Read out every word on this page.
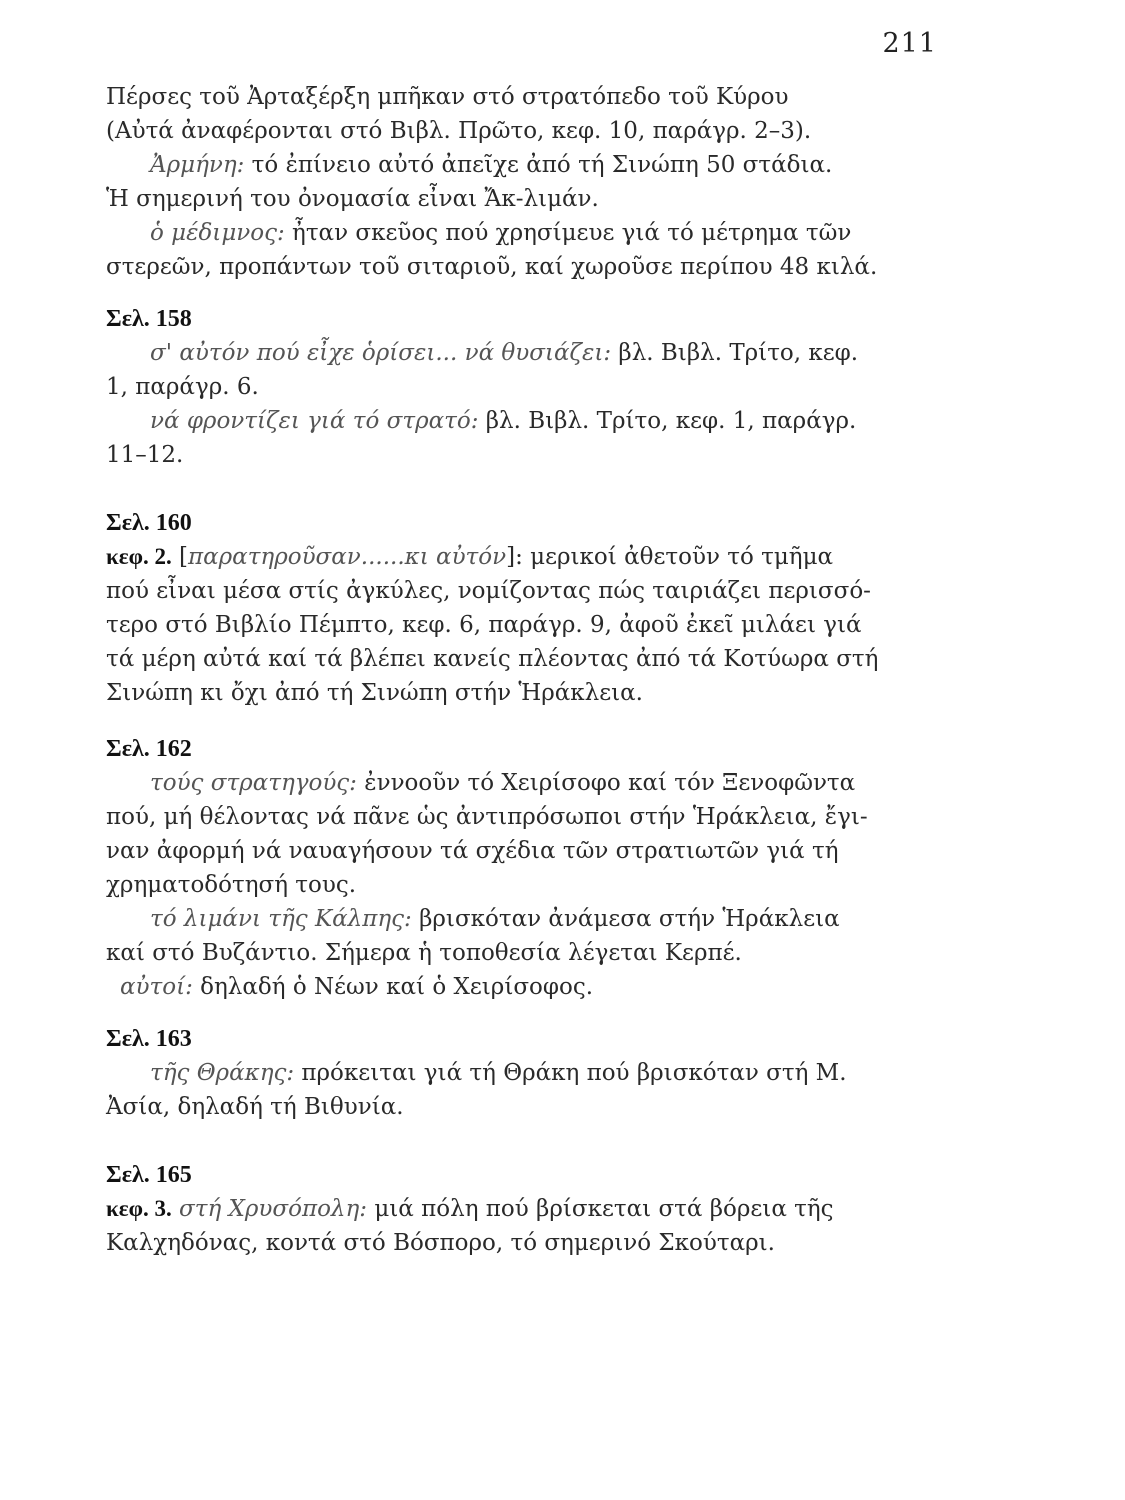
211
Πέρσες τοῦ Ἀρταξέρξη μπῆκαν στό στρατόπεδο τοῦ Κύρου
(Αὐτά ἀναφέρονται στό Βιβλ. Πρῶτο, κεφ. 10, παράγρ. 2–3).
Ἀρμήνη: τό ἐπίνειο αὐτό ἀπεῖχε ἀπό τή Σινώπη 50 στάδια.
Ἡ σημερινή του ὀνομασία εἶναι Ἄκ-λιμάν.
ὁ μέδιμνος: ἦταν σκεῦος πού χρησίμευε γιά τό μέτρημα τῶν
στερεῶν, προπάντων τοῦ σιταριοῦ, καί χωροῦσε περίπου 48 κιλά.
Σελ. 158
σ' αὐτόν πού εἶχε ὁρίσει... νά θυσιάζει: βλ. Βιβλ. Τρίτο, κεφ.
1, παράγρ. 6.
νά φροντίζει γιά τό στρατό: βλ. Βιβλ. Τρίτο, κεφ. 1, παράγρ.
11–12.
Σελ. 160
κεφ. 2. [παρατηροῦσαν......κι αὐτόν]: μερικοί ἀθετοῦν τό τμῆμα
πού εἶναι μέσα στίς ἀγκύλες, νομίζοντας πώς ταιριάζει περισσό-
τερο στό Βιβλίο Πέμπτο, κεφ. 6, παράγρ. 9, ἀφοῦ ἐκεῖ μιλάει γιά
τά μέρη αὐτά καί τά βλέπει κανείς πλέοντας ἀπό τά Κοτύωρα στή
Σινώπη κι ὄχι ἀπό τή Σινώπη στήν Ἡράκλεια.
Σελ. 162
τούς στρατηγούς: ἐννοοῦν τό Χειρίσοφο καί τόν Ξενοφῶντα
πού, μή θέλοντας νά πᾶνε ὡς ἀντιπρόσωποι στήν Ἡράκλεια, ἔγι-
ναν ἀφορμή νά ναυαγήσουν τά σχέδια τῶν στρατιωτῶν γιά τή
χρηματοδότησή τους.
τό λιμάνι τῆς Κάλπης: βρισκόταν ἀνάμεσα στήν Ἡράκλεια
καί στό Βυζάντιο. Σήμερα ἡ τοποθεσία λέγεται Κερπέ.
αὐτοί: δηλαδή ὁ Νέων καί ὁ Χειρίσοφος.
Σελ. 163
τῆς Θράκης: πρόκειται γιά τή Θράκη πού βρισκόταν στή Μ.
Ἀσία, δηλαδή τή Βιθυνία.
Σελ. 165
κεφ. 3. στή Χρυσόπολη: μιά πόλη πού βρίσκεται στά βόρεια τῆς
Καλχηδόνας, κοντά στό Βόσπορο, τό σημερινό Σκούταρι.
